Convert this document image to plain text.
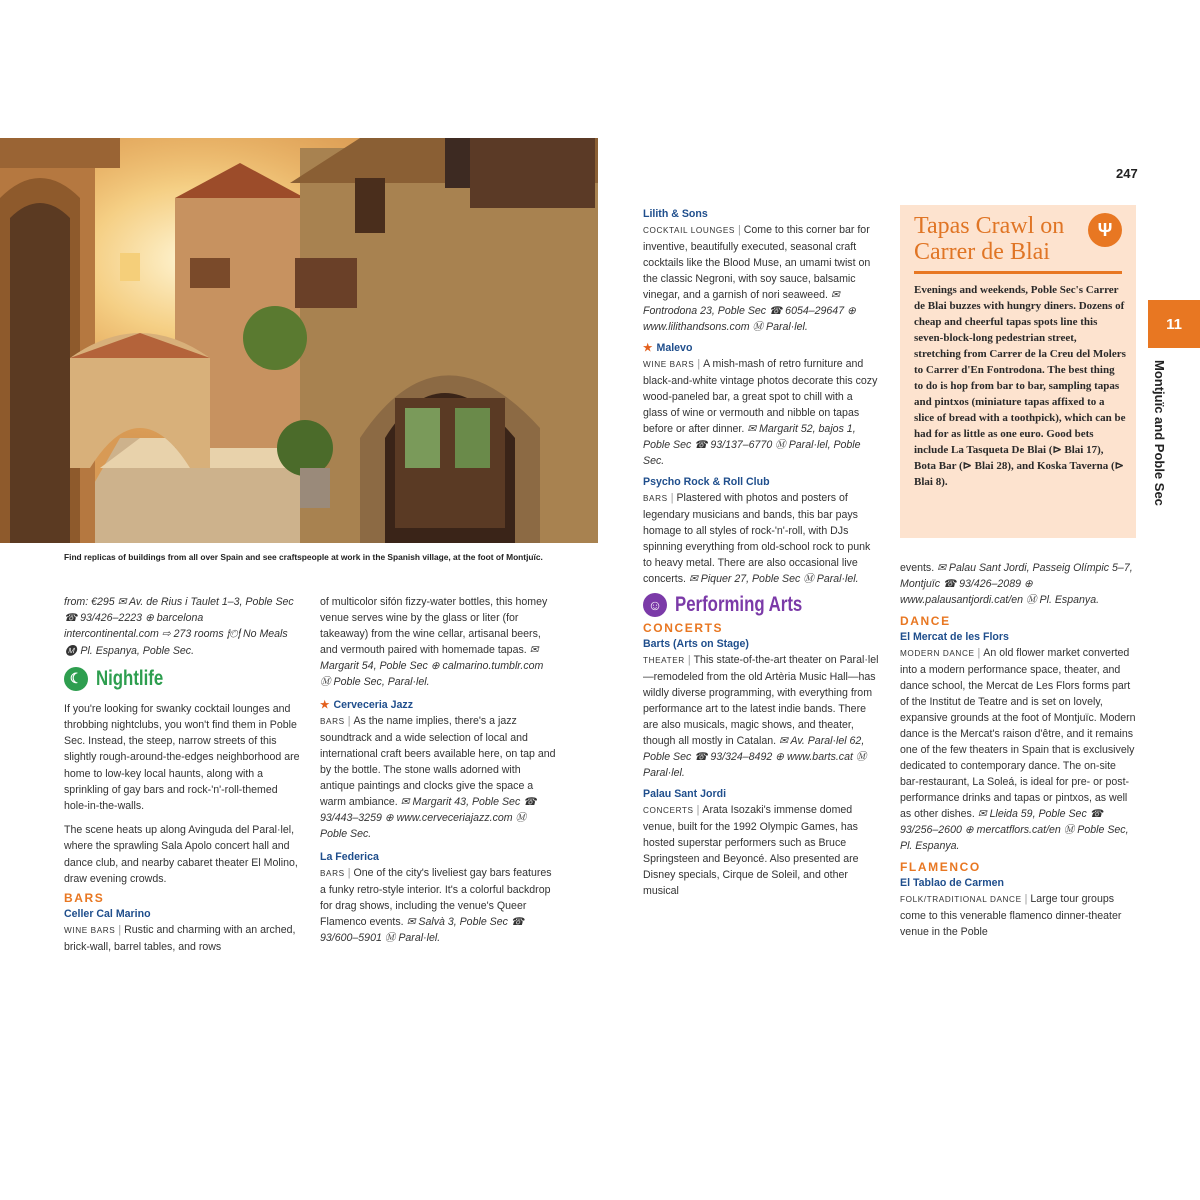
Find replicas of buildings from all over Spain and see craftspeople at work in the Spanish village, at the foot of Montjuïc.
247
11
Montjuïc and Poble Sec

from: €295 ✉ Av. de Rius i Taulet 1–3, Poble Sec ☎ 93/426–2223 ⊕ barcelona intercontinental.com ⇨ 273 rooms 🍽 No Meals Ⓜ Pl. Espanya, Poble Sec.

☾ Nightlife

If you're looking for swanky cocktail lounges and throbbing nightclubs, you won't find them in Poble Sec. Instead, the steep, narrow streets of this slightly rough-around-the-edges neighborhood are home to low-key local haunts, along with a sprinkling of gay bars and rock-'n'-roll-themed hole-in-the-walls.

The scene heats up along Avinguda del Paral·lel, where the sprawling Sala Apolo concert hall and dance club, and nearby cabaret theater El Molino, draw evening crowds.

BARS
Celler Cal Marino
WINE BARS | Rustic and charming with an arched, brick-wall, barrel tables, and rows
of multicolor sifón fizzy-water bottles, this homey venue serves wine by the glass or liter (for takeaway) from the wine cellar, artisanal beers, and vermouth paired with homemade tapas. ✉ Margarit 54, Poble Sec ⊕ calmarino.tumblr.com Ⓜ Poble Sec, Paral·lel.
★ Cerveceria Jazz
BARS | As the name implies, there's a jazz soundtrack and a wide selection of local and international craft beers available here, on tap and by the bottle. The stone walls adorned with antique paintings and clocks give the space a warm ambiance. ✉ Margarit 43, Poble Sec ☎ 93/443–3259 ⊕ www.cerveceriajazz.com Ⓜ Poble Sec.
La Federica
BARS | One of the city's liveliest gay bars features a funky retro-style interior. It's a colorful backdrop for drag shows, including the venue's Queer Flamenco events. ✉ Salvà 3, Poble Sec ☎ 93/600–5901 Ⓜ Paral·lel.
Lilith & Sons
COCKTAIL LOUNGES | Come to this corner bar for inventive, beautifully executed, seasonal craft cocktails like the Blood Muse, an umami twist on the classic Negroni, with soy sauce, balsamic vinegar, and a garnish of nori seaweed. ✉ Fontrodona 23, Poble Sec ☎ 6054–29647 ⊕ www.lilithandsons.com Ⓜ Paral·lel.
★ Malevo
WINE BARS | A mish-mash of retro furniture and black-and-white vintage photos decorate this cozy wood-paneled bar, a great spot to chill with a glass of wine or vermouth and nibble on tapas before or after dinner. ✉ Margarit 52, bajos 1, Poble Sec ☎ 93/137–6770 Ⓜ Paral·lel, Poble Sec.
Psycho Rock & Roll Club
BARS | Plastered with photos and posters of legendary musicians and bands, this bar pays homage to all styles of rock-'n'-roll, with DJs spinning everything from old-school rock to punk to heavy metal. There are also occasional live concerts. ✉ Piquer 27, Poble Sec Ⓜ Paral·lel.
☺ Performing Arts
CONCERTS
Barts (Arts on Stage)
THEATER | This state-of-the-art theater on Paral·lel—remodeled from the old Artèria Music Hall—has wildly diverse programming, with everything from performance art to the latest indie bands. There are also musicals, magic shows, and theater, though all mostly in Catalan. ✉ Av. Paral·lel 62, Poble Sec ☎ 93/324–8492 ⊕ www.barts.cat Ⓜ Paral·lel.
Palau Sant Jordi
CONCERTS | Arata Isozaki's immense domed venue, built for the 1992 Olympic Games, has hosted superstar performers such as Bruce Springsteen and Beyoncé. Also presented are Disney specials, Cirque de Soleil, and other musical
Ψ
Tapas Crawl on Carrer de Blai

Evenings and weekends, Poble Sec's Carrer de Blai buzzes with hungry diners. Dozens of cheap and cheerful tapas spots line this seven-block-long pedestrian street, stretching from Carrer de la Creu del Molers to Carrer d'En Fontrodona. The best thing to do is hop from bar to bar, sampling tapas and pintxos (miniature tapas affixed to a slice of bread with a toothpick), which can be had for as little as one euro. Good bets include La Tasqueta De Blai (⊳ Blai 17), Bota Bar (⊳ Blai 28), and Koska Taverna (⊳ Blai 8).

events. ✉ Palau Sant Jordi, Passeig Olímpic 5–7, Montjuïc ☎ 93/426–2089 ⊕ www.palausantjordi.cat/en Ⓜ Pl. Espanya.
DANCE
El Mercat de les Flors
MODERN DANCE | An old flower market converted into a modern performance space, theater, and dance school, the Mercat de Les Flors forms part of the Institut de Teatre and is set on lovely, expansive grounds at the foot of Montjuïc. Modern dance is the Mercat's raison d'être, and it remains one of the few theaters in Spain that is exclusively dedicated to contemporary dance. The on-site bar-restaurant, La Soleá, is ideal for pre- or post-performance drinks and tapas or pintxos, as well as other dishes. ✉ Lleida 59, Poble Sec ☎ 93/256–2600 ⊕ mercatflors.cat/en Ⓜ Poble Sec, Pl. Espanya.
FLAMENCO
El Tablao de Carmen
FOLK/TRADITIONAL DANCE | Large tour groups come to this venerable flamenco dinner-theater venue in the Poble
